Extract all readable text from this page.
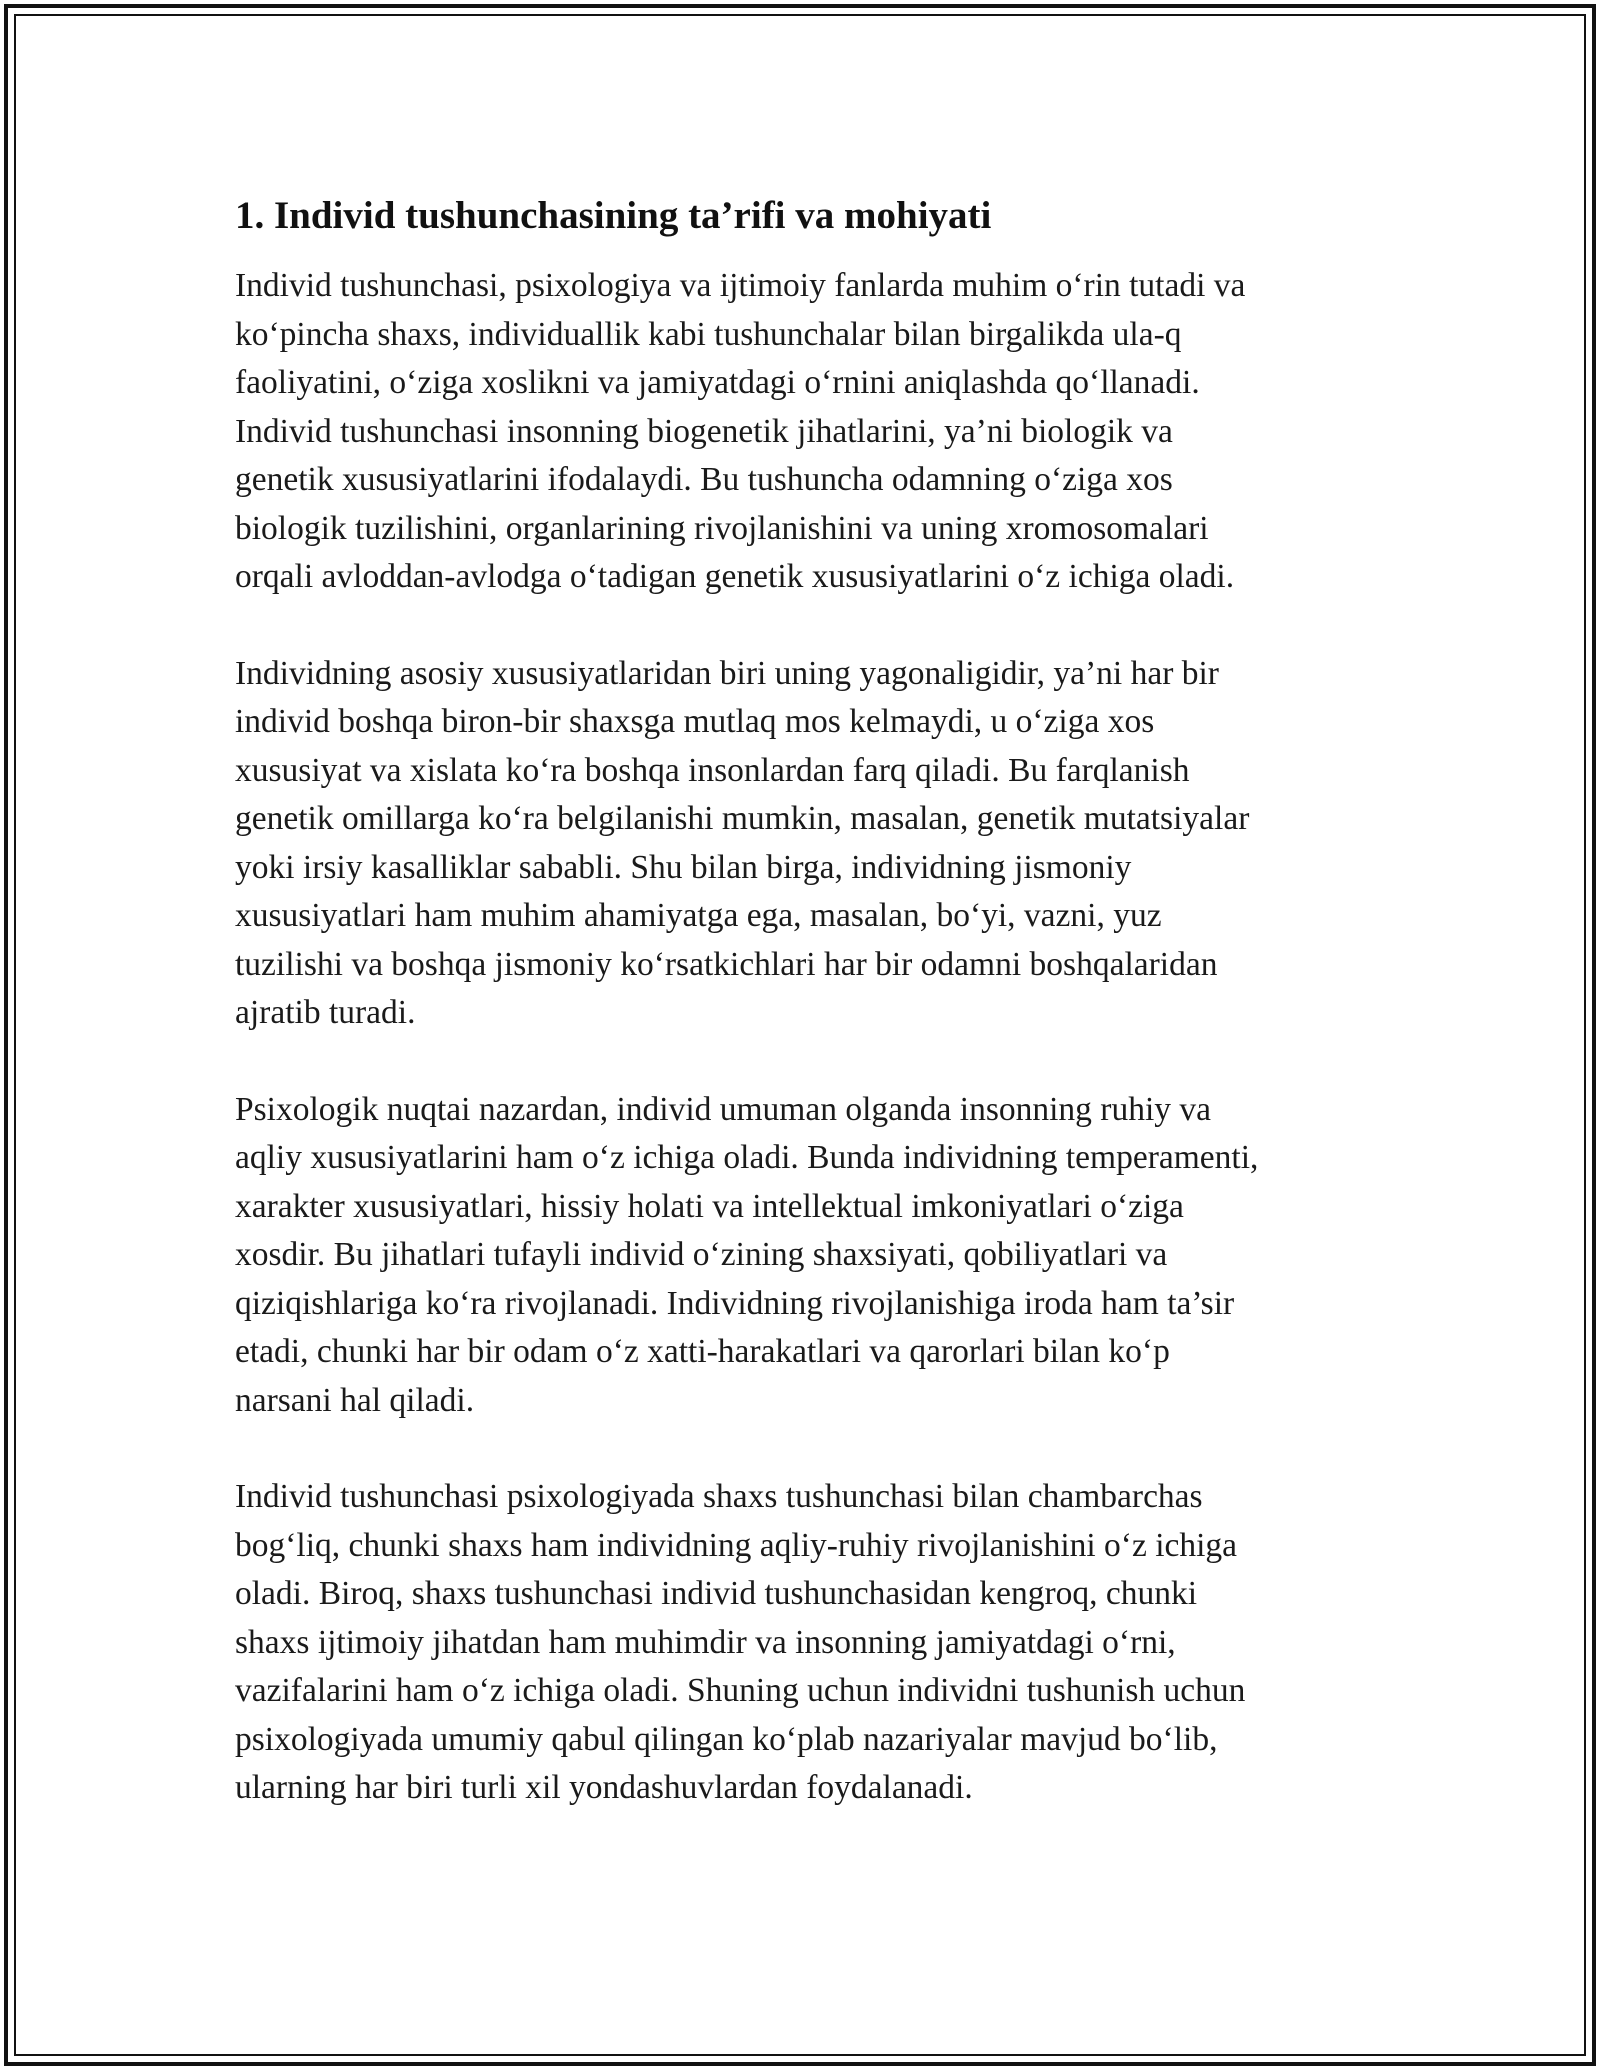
1. Individ tushunchasining ta’rifi va mohiyati

Individ tushunchasi, psixologiya va ijtimoiy fanlarda muhim o‘rin tutadi va
ko‘pincha shaxs, individuallik kabi tushunchalar bilan birgalikda ula-q
faoliyatini, o‘ziga xoslikni va jamiyatdagi o‘rnini aniqlashda qo‘llanadi.
Individ tushunchasi insonning biogenetik jihatlarini, ya’ni biologik va
genetik xususiyatlarini ifodalaydi. Bu tushuncha odamning o‘ziga xos
biologik tuzilishini, organlarining rivojlanishini va uning xromosomalari
orqali avloddan-avlodga o‘tadigan genetik xususiyatlarini o‘z ichiga oladi.

Individning asosiy xususiyatlaridan biri uning yagonaligidir, ya’ni har bir
individ boshqa biron-bir shaxsga mutlaq mos kelmaydi, u o‘ziga xos
xususiyat va xislata ko‘ra boshqa insonlardan farq qiladi. Bu farqlanish
genetik omillarga ko‘ra belgilanishi mumkin, masalan, genetik mutatsiyalar
yoki irsiy kasalliklar sababli. Shu bilan birga, individning jismoniy
xususiyatlari ham muhim ahamiyatga ega, masalan, bo‘yi, vazni, yuz
tuzilishi va boshqa jismoniy ko‘rsatkichlari har bir odamni boshqalaridan
ajratib turadi.

Psixologik nuqtai nazardan, individ umuman olganda insonning ruhiy va
aqliy xususiyatlarini ham o‘z ichiga oladi. Bunda individning temperamenti,
xarakter xususiyatlari, hissiy holati va intellektual imkoniyatlari o‘ziga
xosdir. Bu jihatlari tufayli individ o‘zining shaxsiyati, qobiliyatlari va
qiziqishlariga ko‘ra rivojlanadi. Individning rivojlanishiga iroda ham ta’sir
etadi, chunki har bir odam o‘z xatti-harakatlari va qarorlari bilan ko‘p
narsani hal qiladi.

Individ tushunchasi psixologiyada shaxs tushunchasi bilan chambarchas
bog‘liq, chunki shaxs ham individning aqliy-ruhiy rivojlanishini o‘z ichiga
oladi. Biroq, shaxs tushunchasi individ tushunchasidan kengroq, chunki
shaxs ijtimoiy jihatdan ham muhimdir va insonning jamiyatdagi o‘rni,
vazifalarini ham o‘z ichiga oladi. Shuning uchun individni tushunish uchun
psixologiyada umumiy qabul qilingan ko‘plab nazariyalar mavjud bo‘lib,
ularning har biri turli xil yondashuvlardan foydalanadi.
